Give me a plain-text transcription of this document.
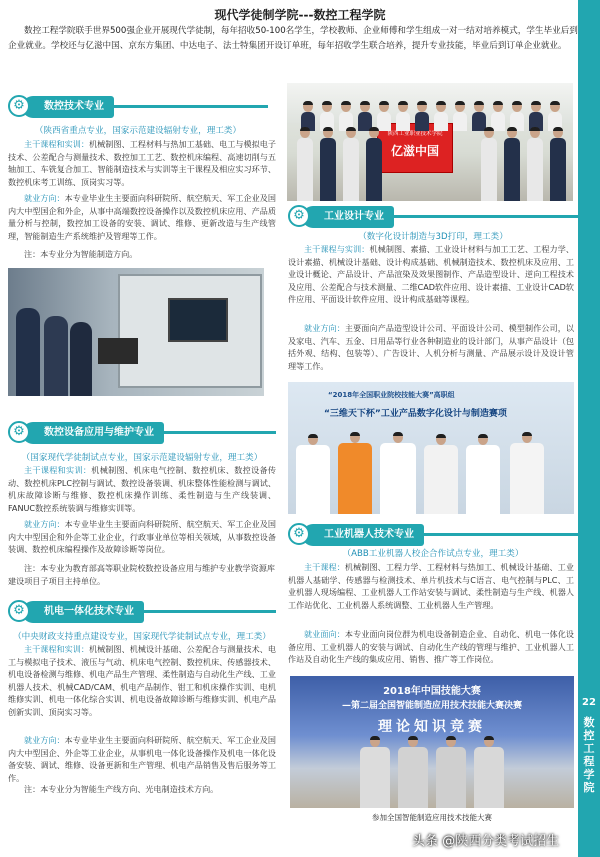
22
数
控
工
程
学
院
现代学徒制学院---数控工程学院
数控工程学院联手世界500强企业开展现代学徒制，每年招收50-100名学生，学校教师、企业师傅和学生组成一对一结对培养模式，学生毕业后到企业就业。学校还与亿滋中国、京东方集团、中达电子、法士特集团开设订单班，每年招收学生联合培养，提升专业技能，毕业后到订单企业就业。
数控技术专业
⚙
（陕西省重点专业，国家示范建设辐射专业，理工类）
主干课程和实训：机械制图、工程材料与热加工基础、电工与模拟电子技术、公差配合与测量技术、数控加工工艺、数控机床编程、高速切削与五轴加工、车铣复合加工、智能制造技术与实训等主干课程及相应实习环节、数控机床考工训练、顶岗实习等。
就业方向：本专业毕业生主要面向科研院所、航空航天、军工企业及国内大中型国企和外企，从事中高端数控设备操作以及数控机床应用、产品质量分析与控制，数控加工设备的安装、调试、维修、更新改造与生产线管理，智能制造生产系统维护及管理等工作。
注：本专业分为智能制造方向。
陕西工业职业技术学院
亿滋中国
工业设计专业
⚙
（数字化设计制造与3D打印，理工类）
主干课程与实训：机械制图、素描、工业设计材料与加工工艺、工程力学、设计素描、机械设计基础、设计构成基础、机械制造技术、数控机床及应用、工业设计概论、产品设计、产品渲染及效果图制作、产品造型设计、逆向工程技术及应用、公差配合与技术测量、二维CAD软件应用、设计素描、工业设计CAD软件应用、平面设计软件应用、设计构成基础等课程。
就业方向：主要面向产品造型设计公司、平面设计公司、模型制作公司，以及家电、汽车、五金、日用品等行业各种制造业的设计部门，从事产品设计（包括外观、结构、包装等）、广告设计、人机分析与测量、产品展示设计及设计管理等工作。
数控设备应用与维护专业
⚙
（国家现代学徒制试点专业，国家示范建设辐射专业，理工类）
主干课程和实训：机械制图、机床电气控制、数控机床、数控设备传动、数控机床PLC控制与调试、数控设备装调、机床整体性能检测与调试、机床故障诊断与维修、数控机床操作训练、柔性制造与生产线装调、FANUC数控系统装调与维修实训等。
就业方向：本专业毕业生主要面向科研院所、航空航天、军工企业及国内大中型国企和外企等工业企业，行政事业单位等相关领域，从事数控设备装调、数控机床编程操作及故障诊断等岗位。
注：本专业为教育部高等职业院校数控设备应用与维护专业教学资源库建设项目子项目主持单位。
“2018年全国职业院校技能大赛”高职组
“三维天下杯”工业产品数字化设计与制造赛项
工业机器人技术专业
⚙
（ABB工业机器人校企合作试点专业，理工类）
主干课程：机械制图、工程力学、工程材料与热加工、机械设计基础、工业机器人基础学、传感器与检测技术、单片机技术与C语言、电气控制与PLC、工业机器人现场编程、工业机器人工作站安装与调试、柔性制造与生产线、机器人工作站优化、工业机器人系统调整、工业机器人生产管理。
就业面向：本专业面向岗位群为机电设备制造企业、自动化、机电一体化设备应用、工业机器人的安装与调试、自动化生产线的管理与维护、工业机器人工作站及自动化生产线的集成应用、销售、推广等工作岗位。
机电一体化技术专业
⚙
（中央财政支持重点建设专业，国家现代学徒制试点专业，理工类）
主干课程和实训：机械制图、机械设计基础、公差配合与测量技术、电工与模拟电子技术、液压与气动、机床电气控制、数控机床、传感器技术、机电设备检测与维修、机电产品生产管理、柔性制造与自动化生产线、工业机器人技术、机械CAD/CAM、机电产品制作、钳工和机床操作实训、电机维修实训、机电一体化综合实训、机电设备故障诊断与维修实训、机电产品创新实训、顶岗实习等。
就业方向：本专业毕业生主要面向科研院所、航空航天、军工企业及国内大中型国企、外企等工业企业，从事机电一体化设备操作及机电一体化设备安装、调试、维修、设备更新和生产管理、机电产品销售及售后服务等工作。
注：本专业分为智能生产线方向、光电制造技术方向。
2018年中国技能大赛
—第二届全国智能制造应用技术技能大赛决赛
理论知识竞赛
参加全国智能制造应用技术技能大赛
头条 @陕西分类考试招生
